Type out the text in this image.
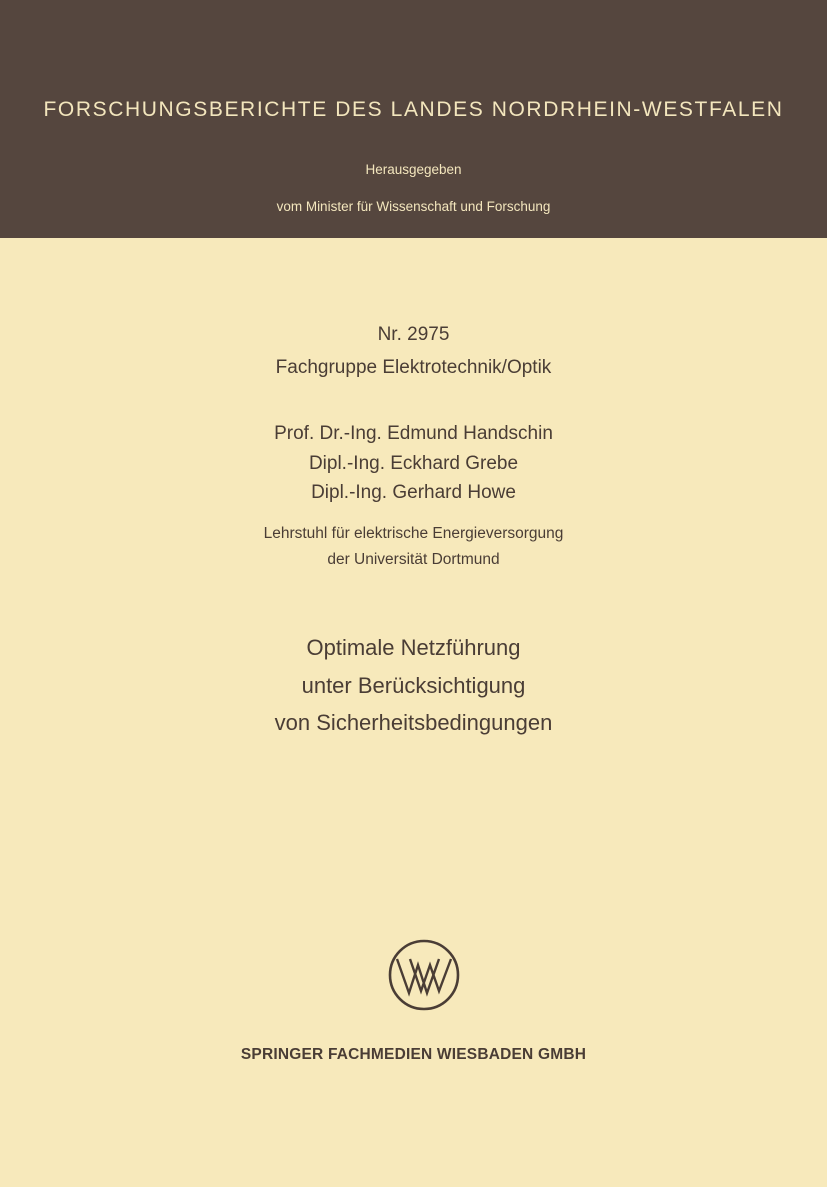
FORSCHUNGSBERICHTE DES LANDES NORDRHEIN-WESTFALEN
Herausgegeben
vom Minister für Wissenschaft und Forschung
Nr. 2975
Fachgruppe Elektrotechnik/Optik
Prof. Dr.-Ing. Edmund Handschin
Dipl.-Ing. Eckhard Grebe
Dipl.-Ing. Gerhard Howe
Lehrstuhl für elektrische Energieversorgung
der Universität Dortmund
Optimale Netzführung
unter Berücksichtigung
von Sicherheitsbedingungen
SPRINGER FACHMEDIEN WIESBADEN GMBH
